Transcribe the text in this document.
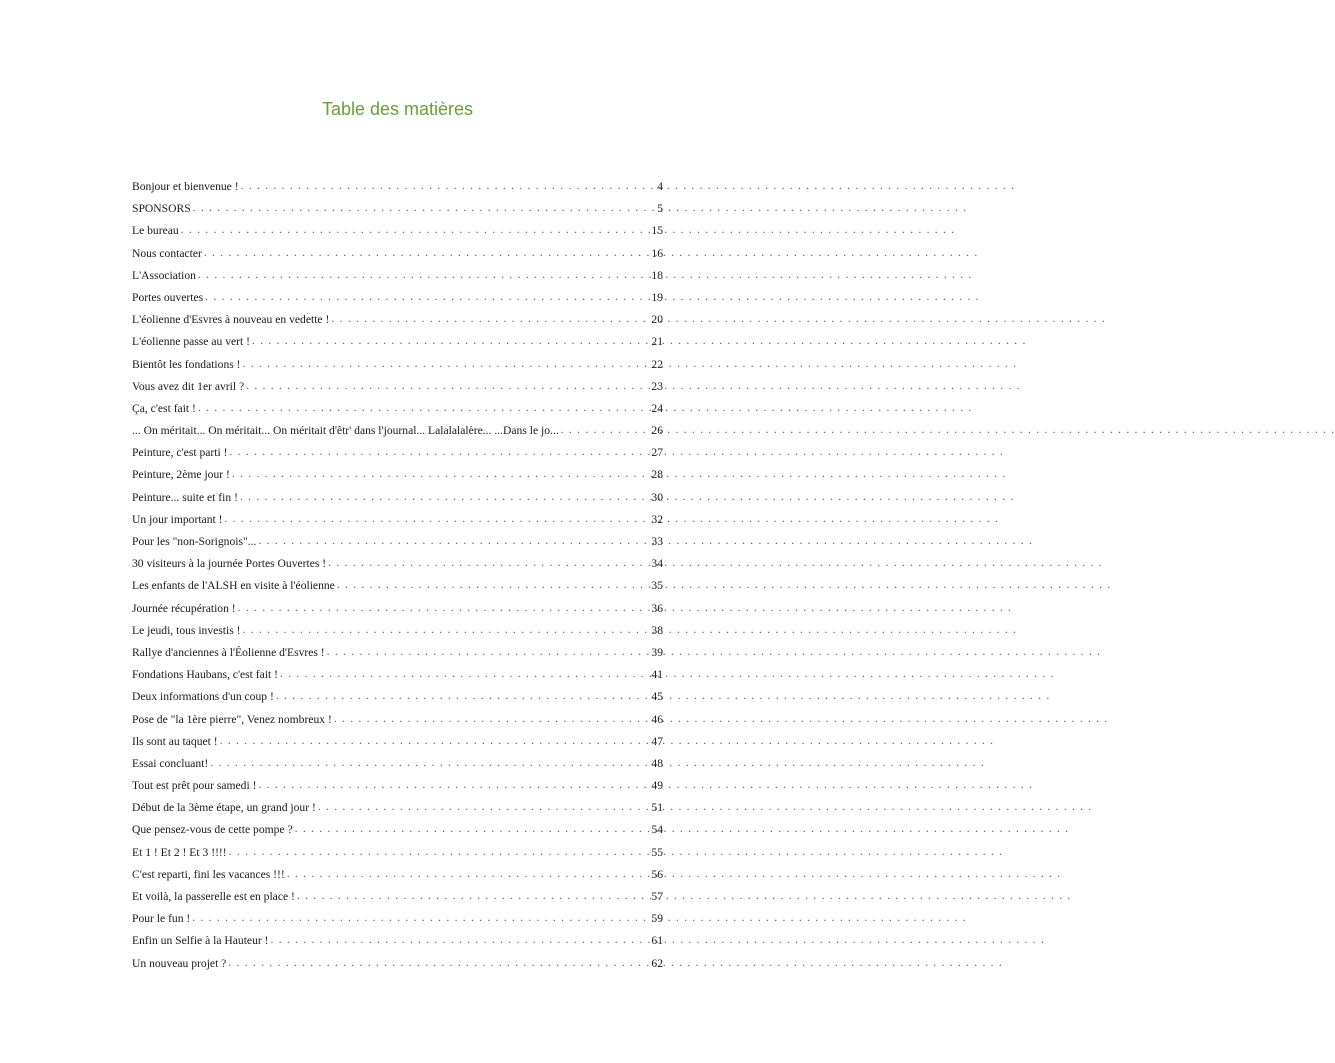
Table des matières
Bonjour et bienvenue ! . . .	4
SPONSORS . . .	5
Le bureau . . .	15
Nous contacter . . .	16
L'Association . . .	18
Portes ouvertes . . .	19
L'éolienne d'Esvres à nouveau en vedette ! . . .	20
L'éolienne passe au vert ! . . .	21
Bientôt les fondations ! . . .	22
Vous avez dit 1er avril ? . . .	23
Ça, c'est fait ! . . .	24
... On méritait... On méritait... On méritait d'êtr' dans l'journal... Lalalalalère... ...Dans le jo... . . .	26
Peinture, c'est parti ! . . .	27
Peinture, 2ème jour ! . . .	28
Peinture... suite et fin ! . . .	30
Un jour important ! . . .	32
Pour les "non-Sorignois"... . . .	33
30 visiteurs à la journée Portes Ouvertes ! . . .	34
Les enfants de l'ALSH en visite à l'éolienne . . .	35
Journée récupération ! . . .	36
Le jeudi, tous investis ! . . .	38
Rallye d'anciennes à l'Éolienne d'Esvres ! . . .	39
Fondations Haubans, c'est fait ! . . .	41
Deux informations d'un coup ! . . .	45
Pose de "la 1ère pierre", Venez nombreux ! . . .	46
Ils sont au taquet ! . . .	47
Essai concluant! . . .	48
Tout est prêt pour samedi ! . . .	49
Début de la 3ème étape, un grand jour ! . . .	51
Que pensez-vous de cette pompe ? . . .	54
Et 1 ! Et 2 ! Et 3 !!!! . . .	55
C'est reparti, fini les vacances !!! . . .	56
Et voilà, la passerelle est en place ! . . .	57
Pour le fun ! . . .	59
Enfin un Selfie à la Hauteur ! . . .	61
Un nouveau projet ? . . .	62
